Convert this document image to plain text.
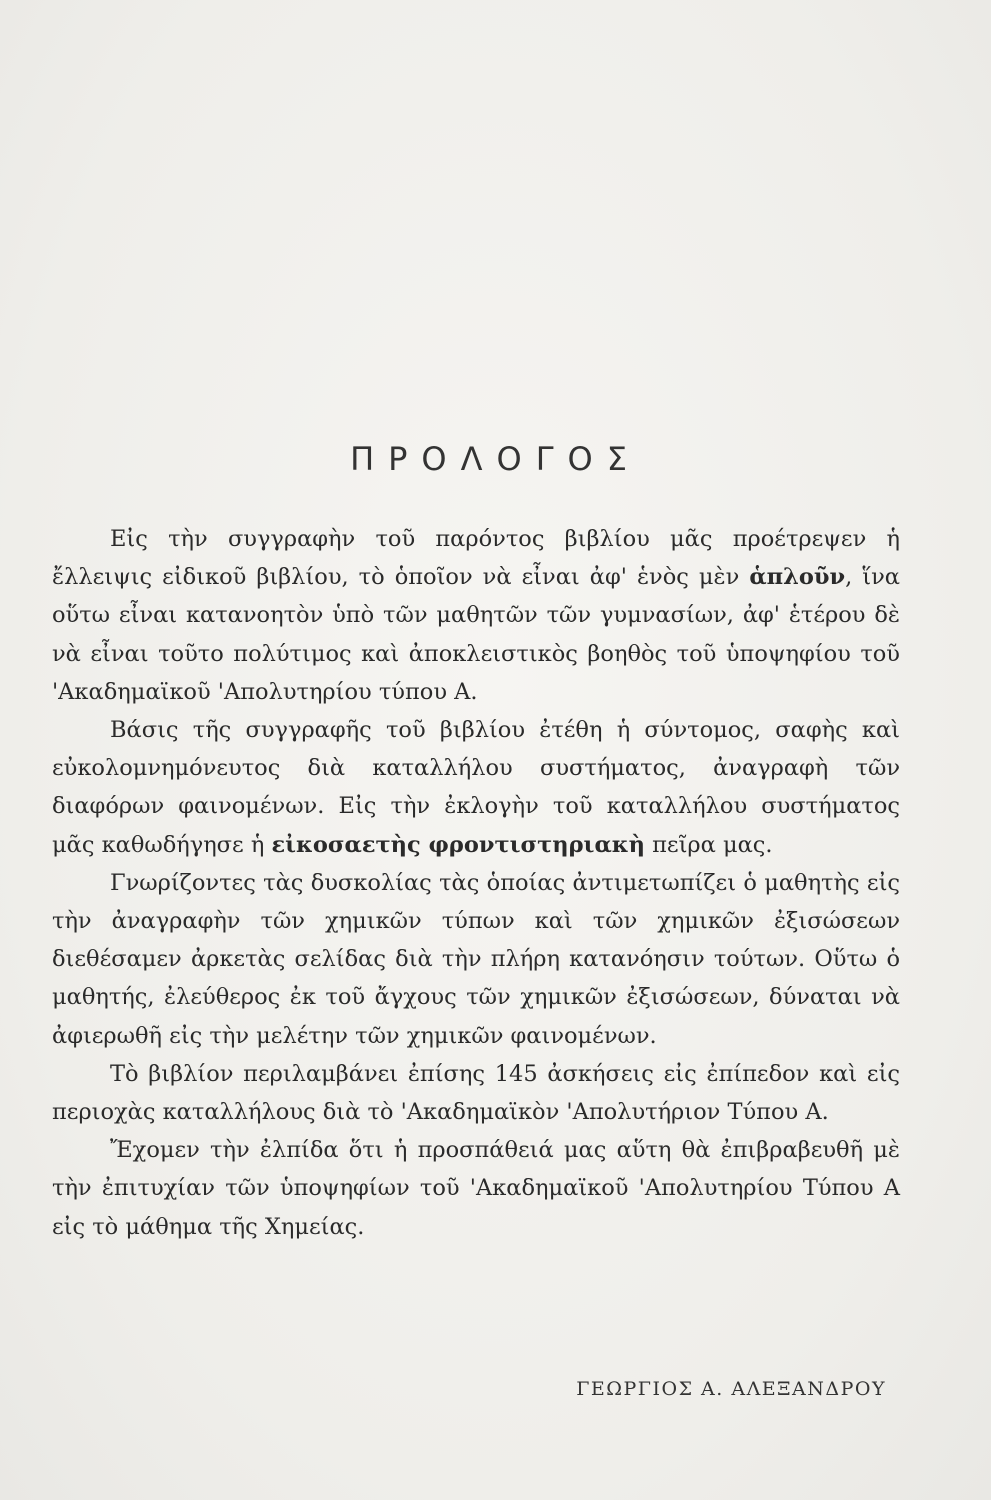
ΠΡΟΛΟΓΟΣ

Εἰς τὴν συγγραφὴν τοῦ παρόντος βιβλίου μᾶς προέτρεψεν ἡ ἔλλειψις εἰδικοῦ βιβλίου, τὸ ὁποῖον νὰ εἶναι ἀφ' ἑνὸς μὲν ἁπλοῦν, ἵνα οὕτω εἶναι κατανοητὸν ὑπὸ τῶν μαθητῶν τῶν γυμνασίων, ἀφ' ἑτέρου δὲ νὰ εἶναι τοῦτο πολύτιμος καὶ ἀποκλειστικὸς βοηθὸς τοῦ ὑποψηφίου τοῦ 'Ακαδημαϊκοῦ 'Απολυτηρίου τύπου Α.

Βάσις τῆς συγγραφῆς τοῦ βιβλίου ἐτέθη ἡ σύντομος, σαφὴς καὶ εὐκολομνημόνευτος διὰ καταλλήλου συστήματος, ἀναγραφὴ τῶν διαφόρων φαινομένων. Εἰς τὴν ἐκλογὴν τοῦ καταλλήλου συστήματος μᾶς καθωδήγησε ἡ εἰκοσαετὴς φροντιστηριακὴ πεῖρα μας.

Γνωρίζοντες τὰς δυσκολίας τὰς ὁποίας ἀντιμετωπίζει ὁ μαθητὴς εἰς τὴν ἀναγραφὴν τῶν χημικῶν τύπων καὶ τῶν χημικῶν ἐξισώσεων διεθέσαμεν ἀρκετὰς σελίδας διὰ τὴν πλήρη κατανόησιν τούτων. Οὕτω ὁ μαθητής, ἐλεύθερος ἐκ τοῦ ἄγχους τῶν χημικῶν ἐξισώσεων, δύναται νὰ ἀφιερωθῆ εἰς τὴν μελέτην τῶν χημικῶν φαινομένων.

Τὸ βιβλίον περιλαμβάνει ἐπίσης 145 ἀσκήσεις εἰς ἐπίπεδον καὶ εἰς περιοχὰς καταλλήλους διὰ τὸ 'Ακαδημαϊκὸν 'Απολυτήριον Τύπου Α.

Ἔχομεν τὴν ἐλπίδα ὅτι ἡ προσπάθειά μας αὕτη θὰ ἐπιβραβευθῆ μὲ τὴν ἐπιτυχίαν τῶν ὑποψηφίων τοῦ 'Ακαδημαϊκοῦ 'Απολυτηρίου Τύπου Α εἰς τὸ μάθημα τῆς Χημείας.

ΓΕΩΡΓΙΟΣ Α. ΑΛΕΞΑΝΔΡΟΥ
